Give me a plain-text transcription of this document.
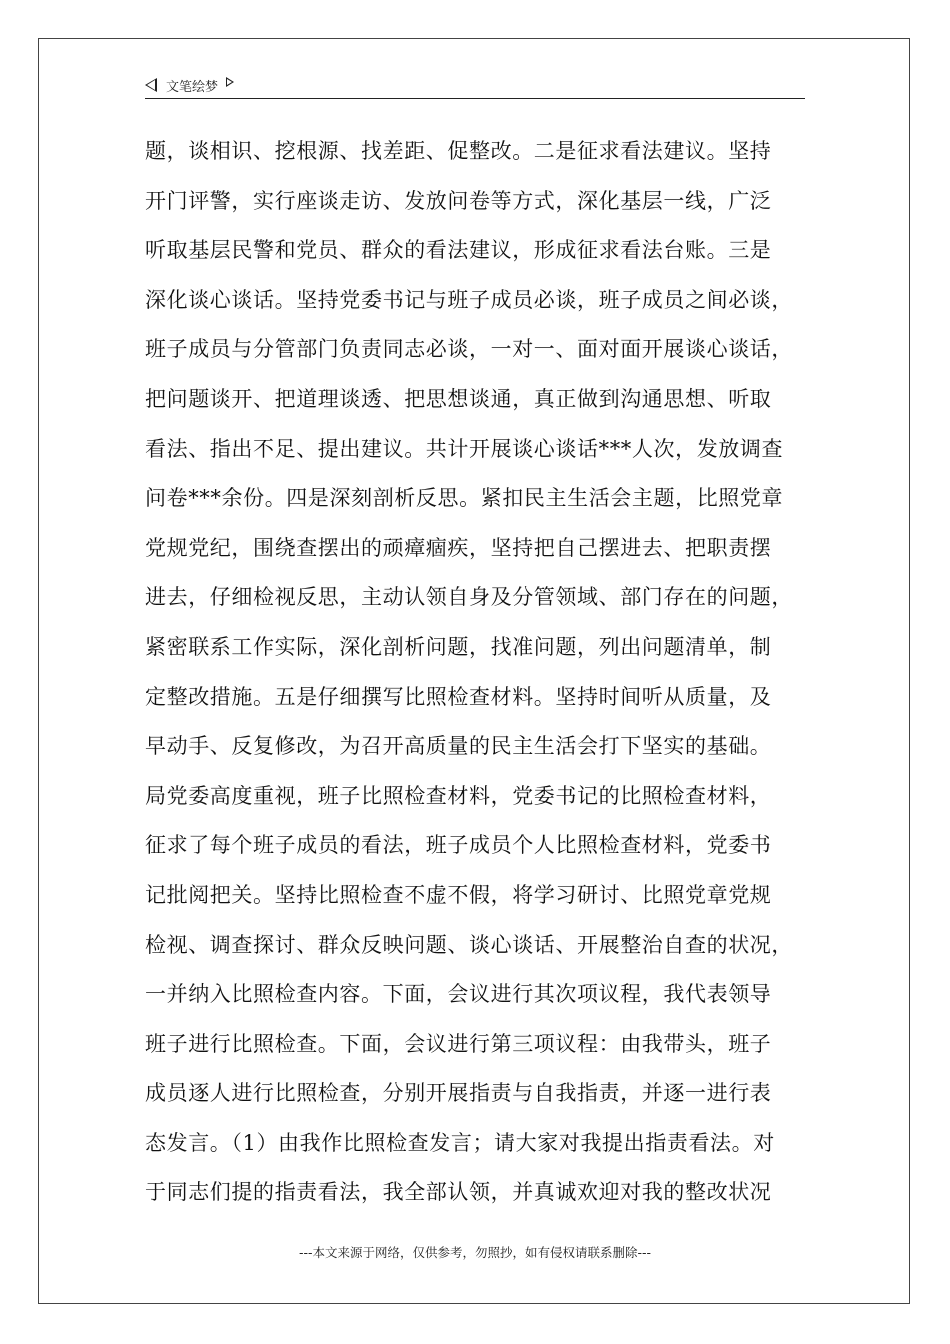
文笔绘梦
题，谈相识、挖根源、找差距、促整改。二是征求看法建议。坚持
开门评警，实行座谈走访、发放问卷等方式，深化基层一线，广泛
听取基层民警和党员、群众的看法建议，形成征求看法台账。三是
深化谈心谈话。坚持党委书记与班子成员必谈，班子成员之间必谈，
班子成员与分管部门负责同志必谈，一对一、面对面开展谈心谈话，
把问题谈开、把道理谈透、把思想谈通，真正做到沟通思想、听取
看法、指出不足、提出建议。共计开展谈心谈话***人次，发放调查
问卷***余份。四是深刻剖析反思。紧扣民主生活会主题，比照党章
党规党纪，围绕查摆出的顽瘴痼疾，坚持把自己摆进去、把职责摆
进去，仔细检视反思，主动认领自身及分管领域、部门存在的问题，
紧密联系工作实际，深化剖析问题，找准问题，列出问题清单，制
定整改措施。五是仔细撰写比照检查材料。坚持时间听从质量，及
早动手、反复修改，为召开高质量的民主生活会打下坚实的基础。
局党委高度重视，班子比照检查材料，党委书记的比照检查材料，
征求了每个班子成员的看法，班子成员个人比照检查材料，党委书
记批阅把关。坚持比照检查不虚不假，将学习研讨、比照党章党规
检视、调查探讨、群众反映问题、谈心谈话、开展整治自查的状况，
一并纳入比照检查内容。下面，会议进行其次项议程，我代表领导
班子进行比照检查。下面，会议进行第三项议程：由我带头，班子
成员逐人进行比照检查，分别开展指责与自我指责，并逐一进行表
态发言。（1）由我作比照检查发言；请大家对我提出指责看法。对
于同志们提的指责看法，我全部认领，并真诚欢迎对我的整改状况
---本文来源于网络，仅供参考，勿照抄，如有侵权请联系删除---
